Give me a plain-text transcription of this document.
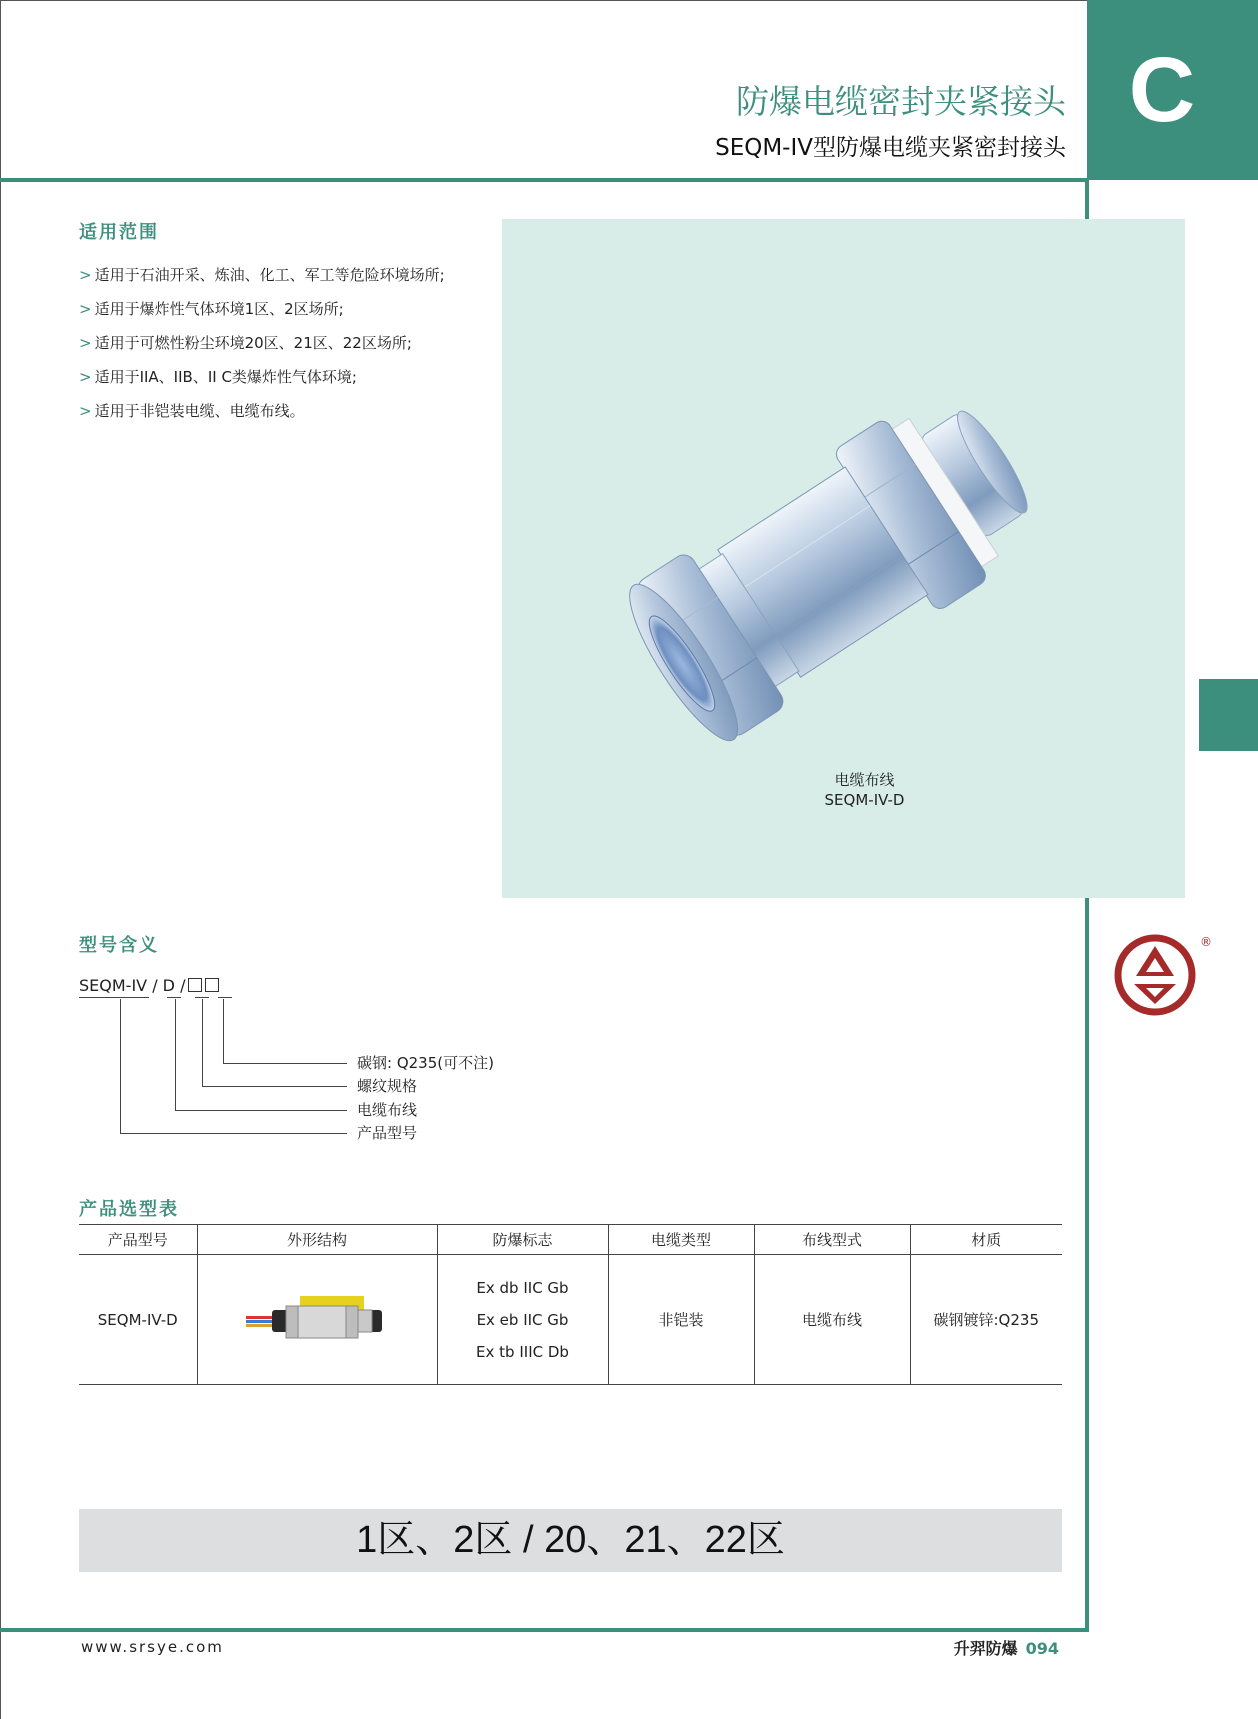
C
防爆电缆密封夹紧接头
SEQM-IV型防爆电缆夹紧密封接头
适用范围
> 适用于石油开采、炼油、化工、军工等危险环境场所;
> 适用于爆炸性气体环境1区、2区场所;
> 适用于可燃性粉尘环境20区、21区、22区场所;
> 适用于IIA、IIB、II C类爆炸性气体环境;
> 适用于非铠装电缆、电缆布线。
电缆布线
SEQM-IV-D
®
型号含义
SEQM-IV / D /
碳钢: Q235(可不注)
螺纹规格
电缆布线
产品型号
产品选型表
产品型号	外形结构	防爆标志	电缆类型	布线型式	材质
SEQM-IV-D		Ex db IIC Gb
Ex eb IIC Gb
Ex tb IIIC Db	非铠装	电缆布线	碳钢镀锌:Q235
1区、2区 / 20、21、22区
www.srsye.com	升羿防爆 094
